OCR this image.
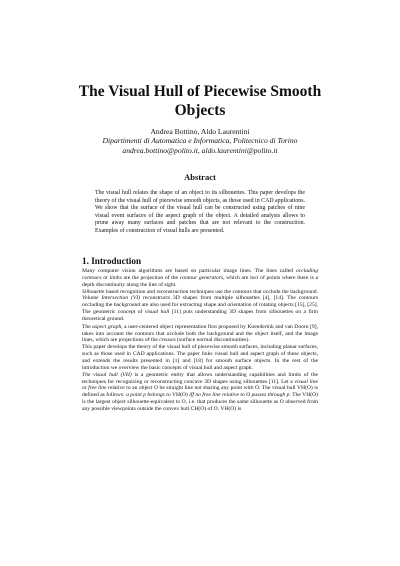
The Visual Hull of Piecewise Smooth Objects
Andrea Bottino, Aldo Laurentini
Dipartimenti di Automatica e Informatica, Politecnico di Torino
andrea.bottino@polito.it, aldo.laurentini@polito.it
Abstract

The visual hull relates the shape of an object to its silhouettes. This paper develops the theory of the visual hull of piecewise smooth objects, as those used in CAD applications. We show that the surface of the visual hull can be constructed using patches of nine visual event surfaces of the aspect graph of the object. A detailed analysis allows to prune away many surfaces and patches that are not relevant to the construction. Examples of construction of visual hulls are presented.

1. Introduction

Many computer vision algorithms are based on particular image lines. The lines called occluding contours or limbs are the projection of the contour generators, which are loci of points where there is a depth discontinuity along the line of sight.

Silhouette based recognition and reconstruction techniques use the contours that occlude the background. Volume Intersection (VI) reconstructs 3D shapes from multiple silhouettes [4], [14]. The contours occluding the background are also used for extracting shape and orientation of rotating objects [15], [25]. The geometric concept of visual hull [11] puts understanding 3D shapes from silhouettes on a firm theoretical ground.

The aspect graph, a user-centered object representation first proposed by Koenderink and van Doorn [9], takes into account the contours that occlude both the background and the object itself, and the image lines, which are projections of the creases (surface normal discontinuities).

This paper develops the theory of the visual hull of piecewise smooth surfaces, including planar surfaces, such as those used in CAD applications. The paper links visual hull and aspect graph of these objects, and extends the results presented in [1] and [18] for smooth surface objects. In the rest of the introduction we overview the basic concepts of visual hull and aspect graph.

The visual hull (VH) is a geometric entity that allows understanding capabilities and limits of the techniques for recognizing or reconstructing concave 3D shapes using silhouettes [11]. Let a visual line or free line relative to an object O be straight line not sharing any point with O. The visual hull VH(O) is defined as follows: a point p belongs to VH(O) iff no free line relative to O passes through p. The VH(O) is the largest object silhouette-equivalent to O, i.e. that produces the same silhouette as O observed from any possible viewpoints outside the convex hull CH(O) of O. VH(O) is
